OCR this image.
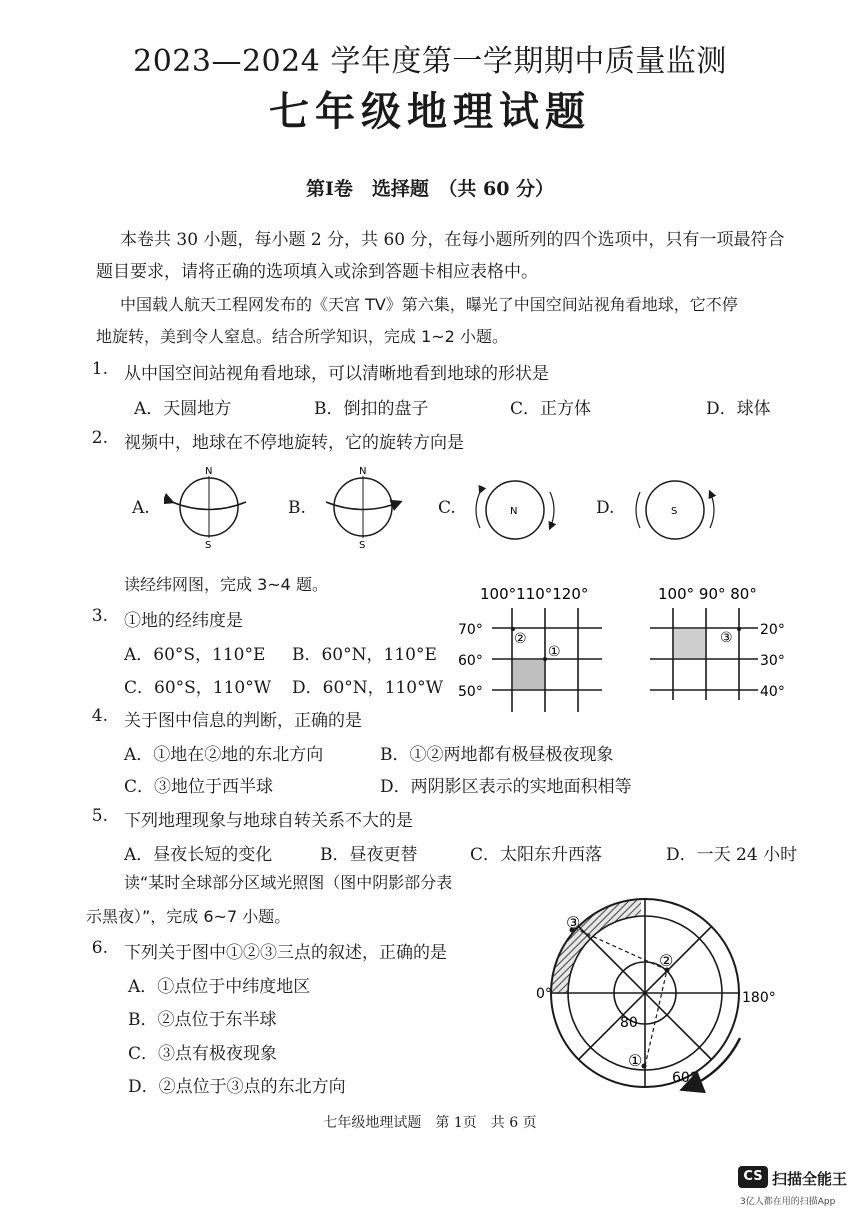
2023—2024 学年度第一学期期中质量监测
七年级地理试题
第Ⅰ卷　选择题　（共 60 分）
本卷共 30 小题，每小题 2 分，共 60 分，在每小题所列的四个选项中，只有一项最符合
题目要求，请将正确的选项填入或涂到答题卡相应表格中。
中国载人航天工程网发布的《天宫 TV》第六集，曝光了中国空间站视角看地球，它不停
地旋转，美到令人窒息。结合所学知识，完成 1~2 小题。
1. 从中国空间站视角看地球，可以清晰地看到地球的形状是
A．天圆地方	B．倒扣的盘子	C．正方体	D．球体
2. 视频中，地球在不停地旋转，它的旋转方向是
A.	B.	C.	D.
N
S
N
S
N	S
读经纬网图，完成 3~4 题。	100°110°120°
70°
60°
50°
②
①
100° 90° 80°
③ 20°
30°
40°
3. ①地的经纬度是
A．60°S，110°E B．60°N，110°E
C．60°S，110°W D．60°N，110°W
4. 关于图中信息的判断，正确的是
A．①地在②地的东北方向	B．①②两地都有极昼极夜现象
C．③地位于西半球	D．两阴影区表示的实地面积相等
5. 下列地理现象与地球自转关系不大的是
A．昼夜长短的变化	B．昼夜更替	C．太阳东升西落	D．一天 24 小时
读“某时全球部分区域光照图（图中阴影部分表
示黑夜）”，完成 6~7 小题。	③
②
①
0°	180°
80
60°
6. 下列关于图中①②③三点的叙述，正确的是
A．①点位于中纬度地区
B．②点位于东半球
C．③点有极夜现象
D．②点位于③点的东北方向
七年级地理试题　第 1页　共 6 页
CS 扫描全能王
3亿人都在用的扫描App
